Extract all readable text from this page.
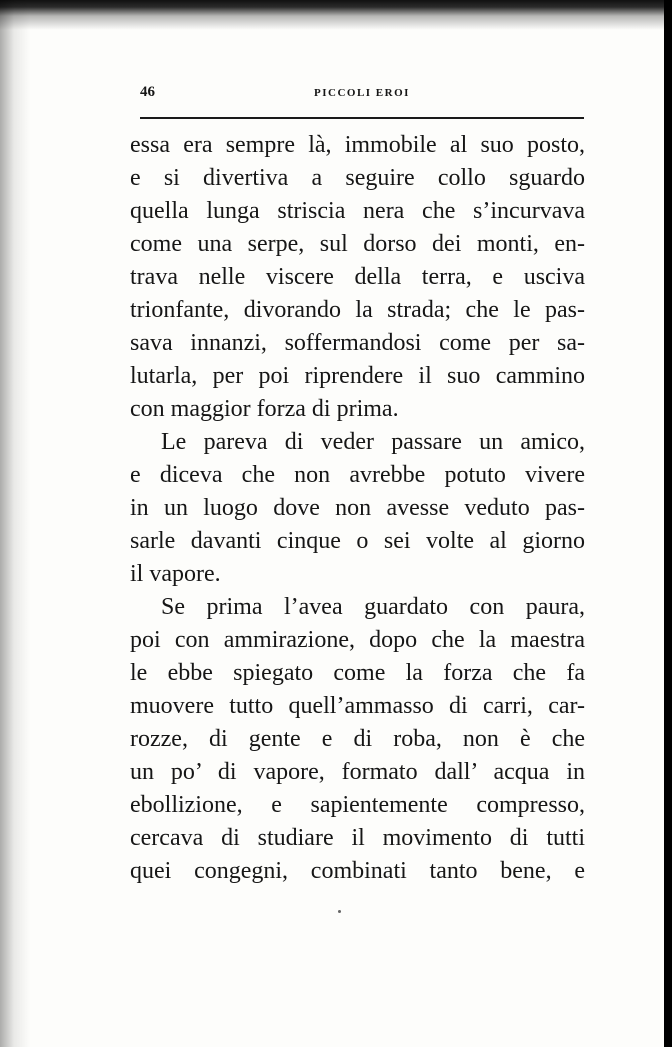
46	PICCOLI EROI
essa era sempre là, immobile al suo posto,
e si divertiva a seguire collo sguardo
quella lunga striscia nera che s’incurvava
come una serpe, sul dorso dei monti, en-
trava nelle viscere della terra, e usciva
trionfante, divorando la strada; che le pas-
sava innanzi, soffermandosi come per sa-
lutarla, per poi riprendere il suo cammino
con maggior forza di prima.
Le pareva di veder passare un amico,
e diceva che non avrebbe potuto vivere
in un luogo dove non avesse veduto pas-
sarle davanti cinque o sei volte al giorno
il vapore.
Se prima l’avea guardato con paura,
poi con ammirazione, dopo che la maestra
le ebbe spiegato come la forza che fa
muovere tutto quell’ammasso di carri, car-
rozze, di gente e di roba, non è che
un po’ di vapore, formato dall’ acqua in
ebollizione, e sapientemente compresso,
cercava di studiare il movimento di tutti
quei congegni, combinati tanto bene, e
